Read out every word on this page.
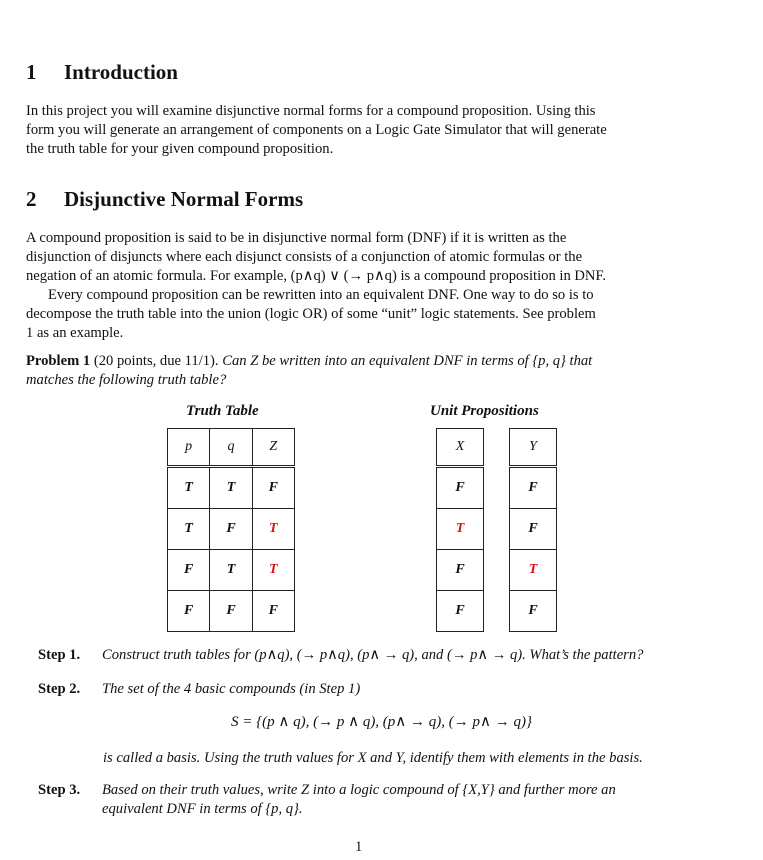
1 Introduction
In this project you will examine disjunctive normal forms for a compound proposition. Using this
form you will generate an arrangement of components on a Logic Gate Simulator that will generate
the truth table for your given compound proposition.
2 Disjunctive Normal Forms
A compound proposition is said to be in disjunctive normal form (DNF) if it is written as the
disjunction of disjuncts where each disjunct consists of a conjunction of atomic formulas or the
negation of an atomic formula. For example, (p∧q) ∨ (→ p∧q) is a compound proposition in DNF.
Every compound proposition can be rewritten into an equivalent DNF. One way to do so is to
decompose the truth table into the union (logic OR) of some “unit” logic statements. See problem
1 as an example.
Problem 1 (20 points, due 11/1). Can Z be written into an equivalent DNF in terms of {p, q} that
matches the following truth table?
Truth Table
p	q	Z
T	T	F
T	F	T
F	T	T
F	F	F
Unit Propositions
X
F
T
F
F
Y
F
F
T
F
Step 1. Construct truth tables for (p∧q), (→ p∧q), (p∧ → q), and (→ p∧ → q). What’s the pattern?
Step 2. The set of the 4 basic compounds (in Step 1)
S = {(p ∧ q), (→ p ∧ q), (p∧ → q), (→ p∧ → q)}
is called a basis. Using the truth values for X and Y, identify them with elements in the basis.
Step 3. Based on their truth values, write Z into a logic compound of {X,Y} and further more an
equivalent DNF in terms of {p, q}.
1
